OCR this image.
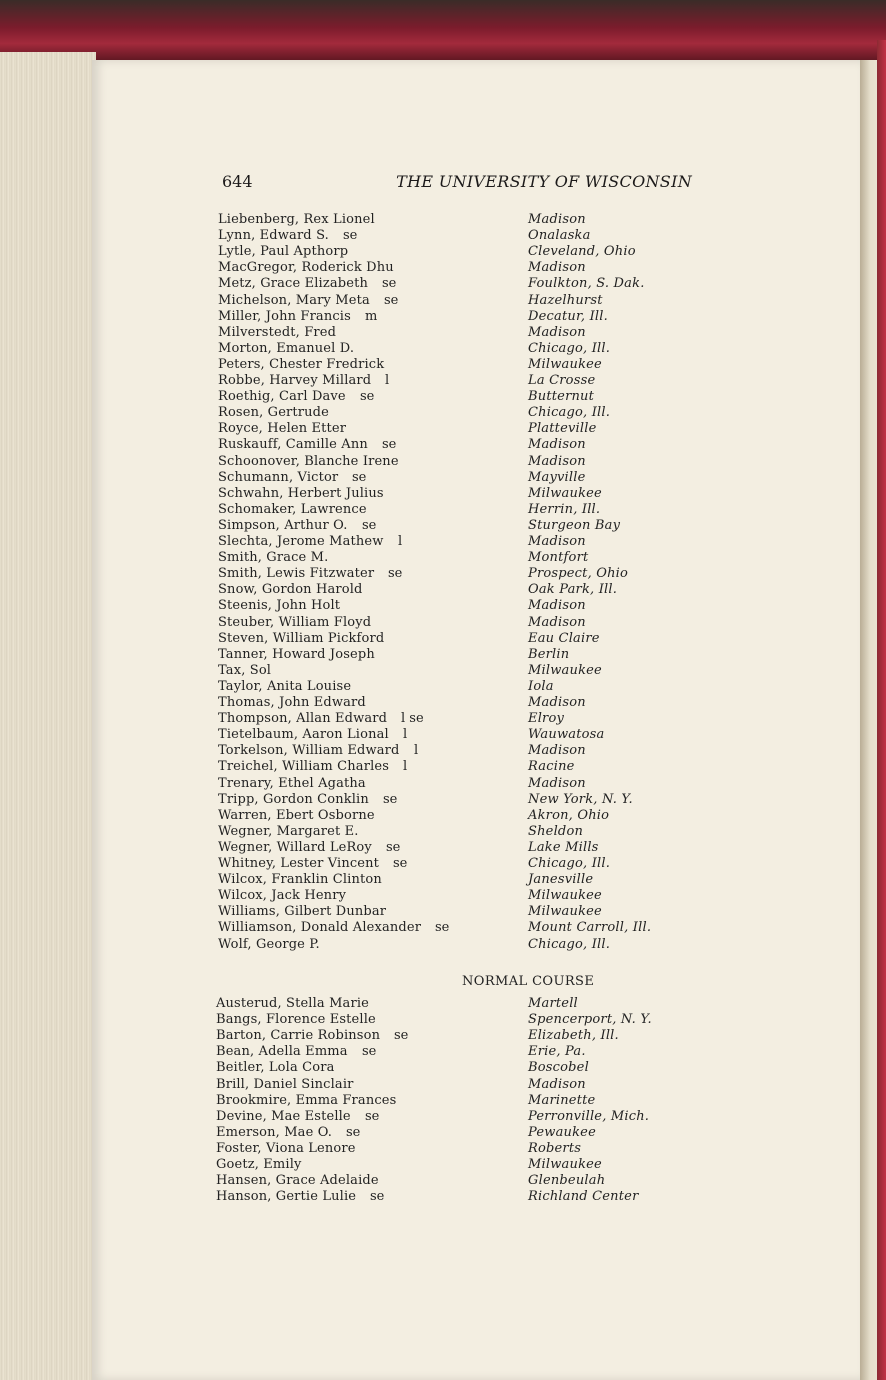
644	THE UNIVERSITY OF WISCONSIN
Liebenberg, Rex Lionel	Madison
Lynn, Edward S. se	Onalaska
Lytle, Paul Apthorp	Cleveland, Ohio
MacGregor, Roderick Dhu	Madison
Metz, Grace Elizabeth se	Foulkton, S. Dak.
Michelson, Mary Meta se	Hazelhurst
Miller, John Francis m	Decatur, Ill.
Milverstedt, Fred	Madison
Morton, Emanuel D.	Chicago, Ill.
Peters, Chester Fredrick	Milwaukee
Robbe, Harvey Millard l	La Crosse
Roethig, Carl Dave se	Butternut
Rosen, Gertrude	Chicago, Ill.
Royce, Helen Etter	Platteville
Ruskauff, Camille Ann se	Madison
Schoonover, Blanche Irene	Madison
Schumann, Victor se	Mayville
Schwahn, Herbert Julius	Milwaukee
Schomaker, Lawrence	Herrin, Ill.
Simpson, Arthur O. se	Sturgeon Bay
Slechta, Jerome Mathew l	Madison
Smith, Grace M.	Montfort
Smith, Lewis Fitzwater se	Prospect, Ohio
Snow, Gordon Harold	Oak Park, Ill.
Steenis, John Holt	Madison
Steuber, William Floyd	Madison
Steven, William Pickford	Eau Claire
Tanner, Howard Joseph	Berlin
Tax, Sol	Milwaukee
Taylor, Anita Louise	Iola
Thomas, John Edward	Madison
Thompson, Allan Edward l se	Elroy
Tietelbaum, Aaron Lional l	Wauwatosa
Torkelson, William Edward l	Madison
Treichel, William Charles l	Racine
Trenary, Ethel Agatha	Madison
Tripp, Gordon Conklin se	New York, N. Y.
Warren, Ebert Osborne	Akron, Ohio
Wegner, Margaret E.	Sheldon
Wegner, Willard LeRoy se	Lake Mills
Whitney, Lester Vincent se	Chicago, Ill.
Wilcox, Franklin Clinton	Janesville
Wilcox, Jack Henry	Milwaukee
Williams, Gilbert Dunbar	Milwaukee
Williamson, Donald Alexander se	Mount Carroll, Ill.
Wolf, George P.	Chicago, Ill.
NORMAL COURSE
Austerud, Stella Marie	Martell
Bangs, Florence Estelle	Spencerport, N. Y.
Barton, Carrie Robinson se	Elizabeth, Ill.
Bean, Adella Emma se	Erie, Pa.
Beitler, Lola Cora	Boscobel
Brill, Daniel Sinclair	Madison
Brookmire, Emma Frances	Marinette
Devine, Mae Estelle se	Perronville, Mich.
Emerson, Mae O. se	Pewaukee
Foster, Viona Lenore	Roberts
Goetz, Emily	Milwaukee
Hansen, Grace Adelaide	Glenbeulah
Hanson, Gertie Lulie se	Richland Center
